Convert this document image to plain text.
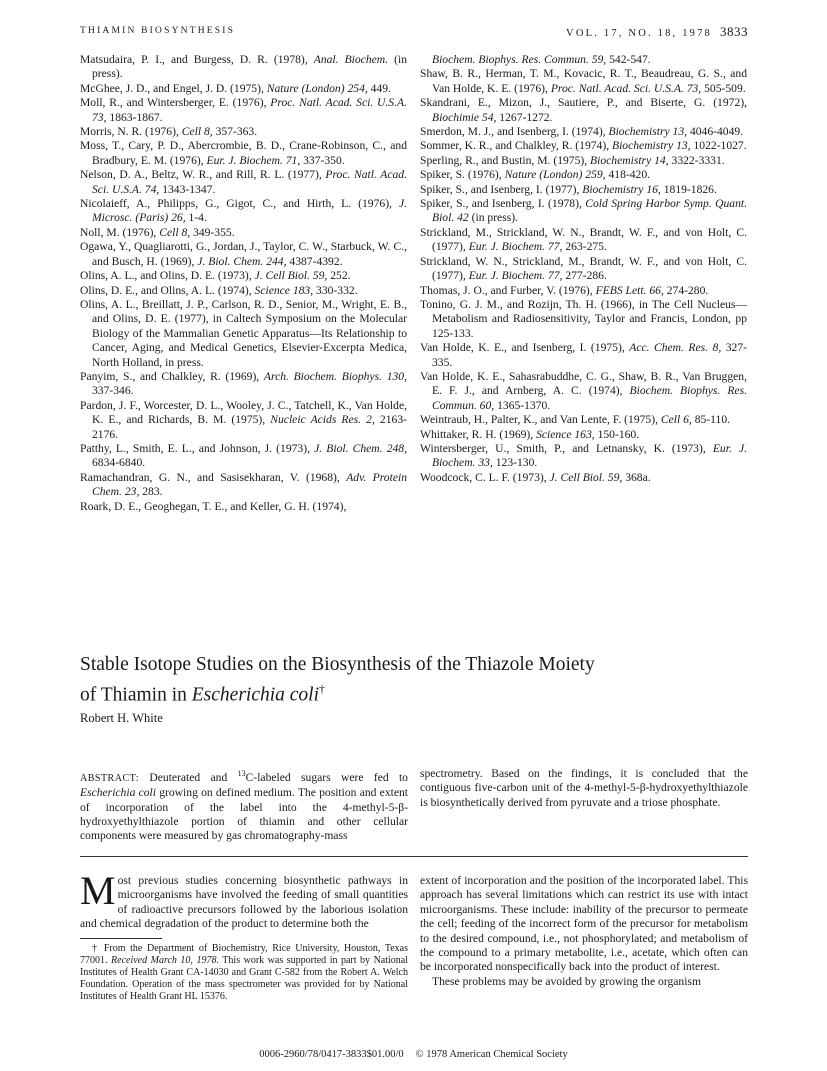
THIAMIN BIOSYNTHESIS	VOL. 17, NO. 18, 1978 3833
Matsudaira, P. I., and Burgess, D. R. (1978), Anal. Biochem. (in press).
McGhee, J. D., and Engel, J. D. (1975), Nature (London) 254, 449.
Moll, R., and Wintersberger, E. (1976), Proc. Natl. Acad. Sci. U.S.A. 73, 1863-1867.
Morris, N. R. (1976), Cell 8, 357-363.
Moss, T., Cary, P. D., Abercrombie, B. D., Crane-Robinson, C., and Bradbury, E. M. (1976), Eur. J. Biochem. 71, 337-350.
Nelson, D. A., Beltz, W. R., and Rill, R. L. (1977), Proc. Natl. Acad. Sci. U.S.A. 74, 1343-1347.
Nicolaieff, A., Philipps, G., Gigot, C., and Hirth, L. (1976), J. Microsc. (Paris) 26, 1-4.
Noll, M. (1976), Cell 8, 349-355.
Ogawa, Y., Quagliarotti, G., Jordan, J., Taylor, C. W., Starbuck, W. C., and Busch, H. (1969), J. Biol. Chem. 244, 4387-4392.
Olins, A. L., and Olins, D. E. (1973), J. Cell Biol. 59, 252.
Olins, D. E., and Olins, A. L. (1974), Science 183, 330-332.
Olins, A. L., Breillatt, J. P., Carlson, R. D., Senior, M., Wright, E. B., and Olins, D. E. (1977), in Caltech Symposium on the Molecular Biology of the Mammalian Genetic Apparatus—Its Relationship to Cancer, Aging, and Medical Genetics, Elsevier-Excerpta Medica, North Holland, in press.
Panyim, S., and Chalkley, R. (1969), Arch. Biochem. Biophys. 130, 337-346.
Pardon, J. F., Worcester, D. L., Wooley, J. C., Tatchell, K., Van Holde, K. E., and Richards, B. M. (1975), Nucleic Acids Res. 2, 2163-2176.
Patthy, L., Smith, E. L., and Johnson, J. (1973), J. Biol. Chem. 248, 6834-6840.
Ramachandran, G. N., and Sasisekharan, V. (1968), Adv. Protein Chem. 23, 283.
Roark, D. E., Geoghegan, T. E., and Keller, G. H. (1974),
Biochem. Biophys. Res. Commun. 59, 542-547.
Shaw, B. R., Herman, T. M., Kovacic, R. T., Beaudreau, G. S., and Van Holde, K. E. (1976), Proc. Natl. Acad. Sci. U.S.A. 73, 505-509.
Skandrani, E., Mizon, J., Sautiere, P., and Biserte, G. (1972), Biochimie 54, 1267-1272.
Smerdon, M. J., and Isenberg, I. (1974), Biochemistry 13, 4046-4049.
Sommer, K. R., and Chalkley, R. (1974), Biochemistry 13, 1022-1027.
Sperling, R., and Bustin, M. (1975), Biochemistry 14, 3322-3331.
Spiker, S. (1976), Nature (London) 259, 418-420.
Spiker, S., and Isenberg, I. (1977), Biochemistry 16, 1819-1826.
Spiker, S., and Isenberg, I. (1978), Cold Spring Harbor Symp. Quant. Biol. 42 (in press).
Strickland, M., Strickland, W. N., Brandt, W. F., and von Holt, C. (1977), Eur. J. Biochem. 77, 263-275.
Strickland, W. N., Strickland, M., Brandt, W. F., and von Holt, C. (1977), Eur. J. Biochem. 77, 277-286.
Thomas, J. O., and Furber, V. (1976), FEBS Lett. 66, 274-280.
Tonino, G. J. M., and Rozijn, Th. H. (1966), in The Cell Nucleus—Metabolism and Radiosensitivity, Taylor and Francis, London, pp 125-133.
Van Holde, K. E., and Isenberg, I. (1975), Acc. Chem. Res. 8, 327-335.
Van Holde, K. E., Sahasrabuddhe, C. G., Shaw, B. R., Van Bruggen, E. F. J., and Arnberg, A. C. (1974), Biochem. Biophys. Res. Commun. 60, 1365-1370.
Weintraub, H., Palter, K., and Van Lente, F. (1975), Cell 6, 85-110.
Whittaker, R. H. (1969), Science 163, 150-160.
Wintersberger, U., Smith, P., and Letnansky, K. (1973), Eur. J. Biochem. 33, 123-130.
Woodcock, C. L. F. (1973), J. Cell Biol. 59, 368a.
Stable Isotope Studies on the Biosynthesis of the Thiazole Moiety
of Thiamin in Escherichia coli†
Robert H. White
ABSTRACT: Deuterated and $^{13}$C-labeled sugars were fed to Escherichia coli growing on defined medium. The position and extent of incorporation of the label into the 4-methyl-5-β-hydroxyethylthiazole portion of thiamin and other cellular components were measured by gas chromatography-mass
spectrometry. Based on the findings, it is concluded that the contiguous five-carbon unit of the 4-methyl-5-β-hydroxyethylthiazole is biosynthetically derived from pyruvate and a triose phosphate.
Most previous studies concerning biosynthetic pathways in microorganisms have involved the feeding of small quantities of radioactive precursors followed by the laborious isolation and chemical degradation of the product to determine both the
† From the Department of Biochemistry, Rice University, Houston, Texas 77001. Received March 10, 1978. This work was supported in part by National Institutes of Health Grant CA-14030 and Grant C-582 from the Robert A. Welch Foundation. Operation of the mass spectrometer was provided for by National Institutes of Health Grant HL 15376.
extent of incorporation and the position of the incorporated label. This approach has several limitations which can restrict its use with intact microorganisms. These include: inability of the precursor to permeate the cell; feeding of the incorrect form of the precursor for metabolism to the desired compound, i.e., not phosphorylated; and metabolism of the compound to a primary metabolite, i.e., acetate, which often can be incorporated nonspecifically back into the product of interest.
These problems may be avoided by growing the organism
0006-2960/78/0417-3833$01.00/0 © 1978 American Chemical Society
